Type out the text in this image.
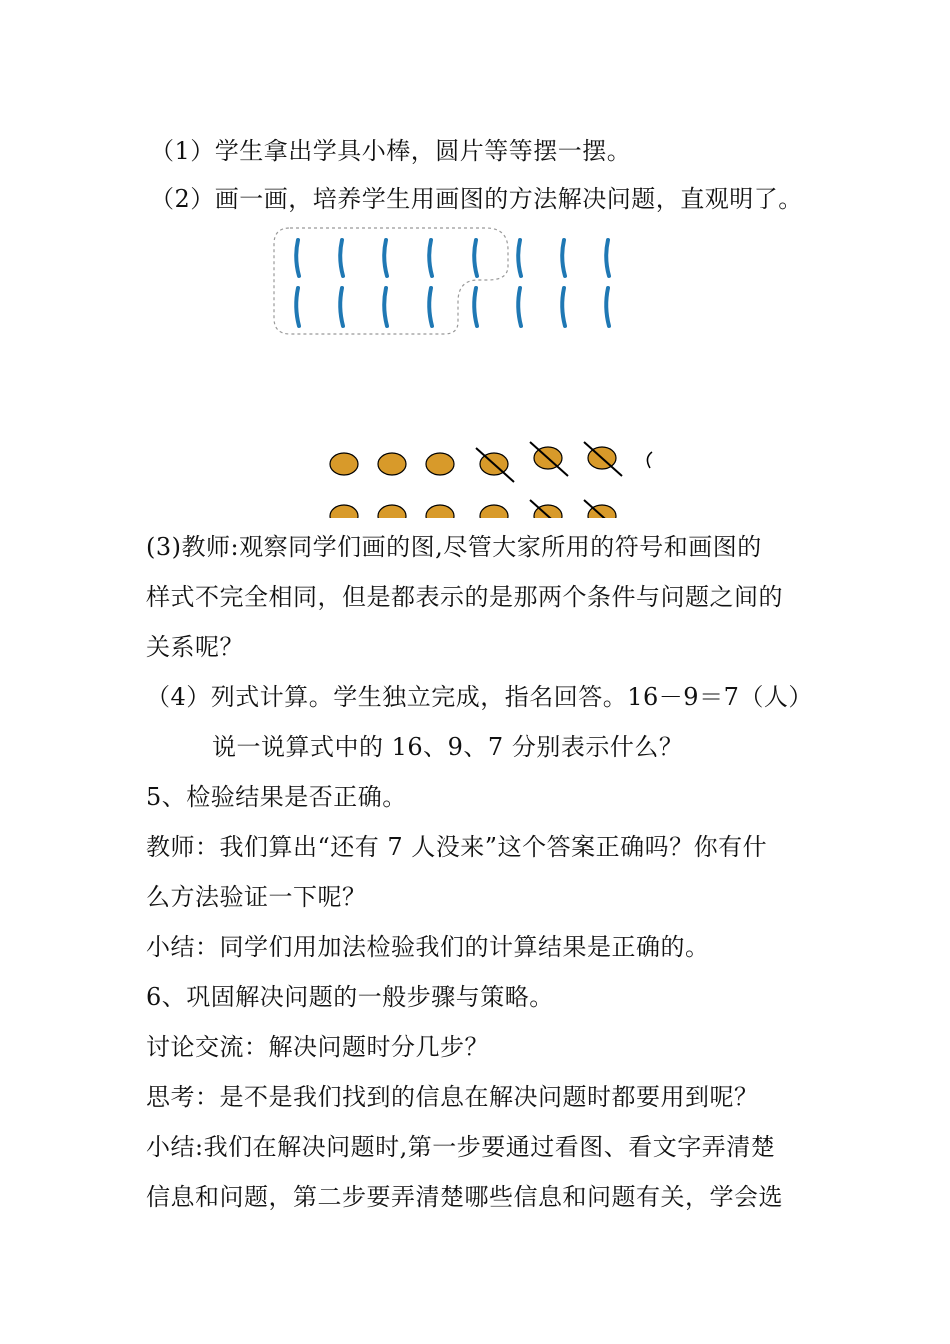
（1）学生拿出学具小棒，圆片等等摆一摆。
（2）画一画，培养学生用画图的方法解决问题，直观明了。
(3)教师:观察同学们画的图,尽管大家所用的符号和画图的
样式不完全相同，但是都表示的是那两个条件与问题之间的
关系呢？
（4）列式计算。学生独立完成，指名回答。16－9＝7（人）
说一说算式中的 16、9、7 分别表示什么？
5、检验结果是否正确。
教师：我们算出“还有 7 人没来”这个答案正确吗？你有什
么方法验证一下呢？
小结：同学们用加法检验我们的计算结果是正确的。
6、巩固解决问题的一般步骤与策略。
讨论交流：解决问题时分几步？
思考：是不是我们找到的信息在解决问题时都要用到呢？
小结:我们在解决问题时,第一步要通过看图、看文字弄清楚
信息和问题，第二步要弄清楚哪些信息和问题有关，学会选
